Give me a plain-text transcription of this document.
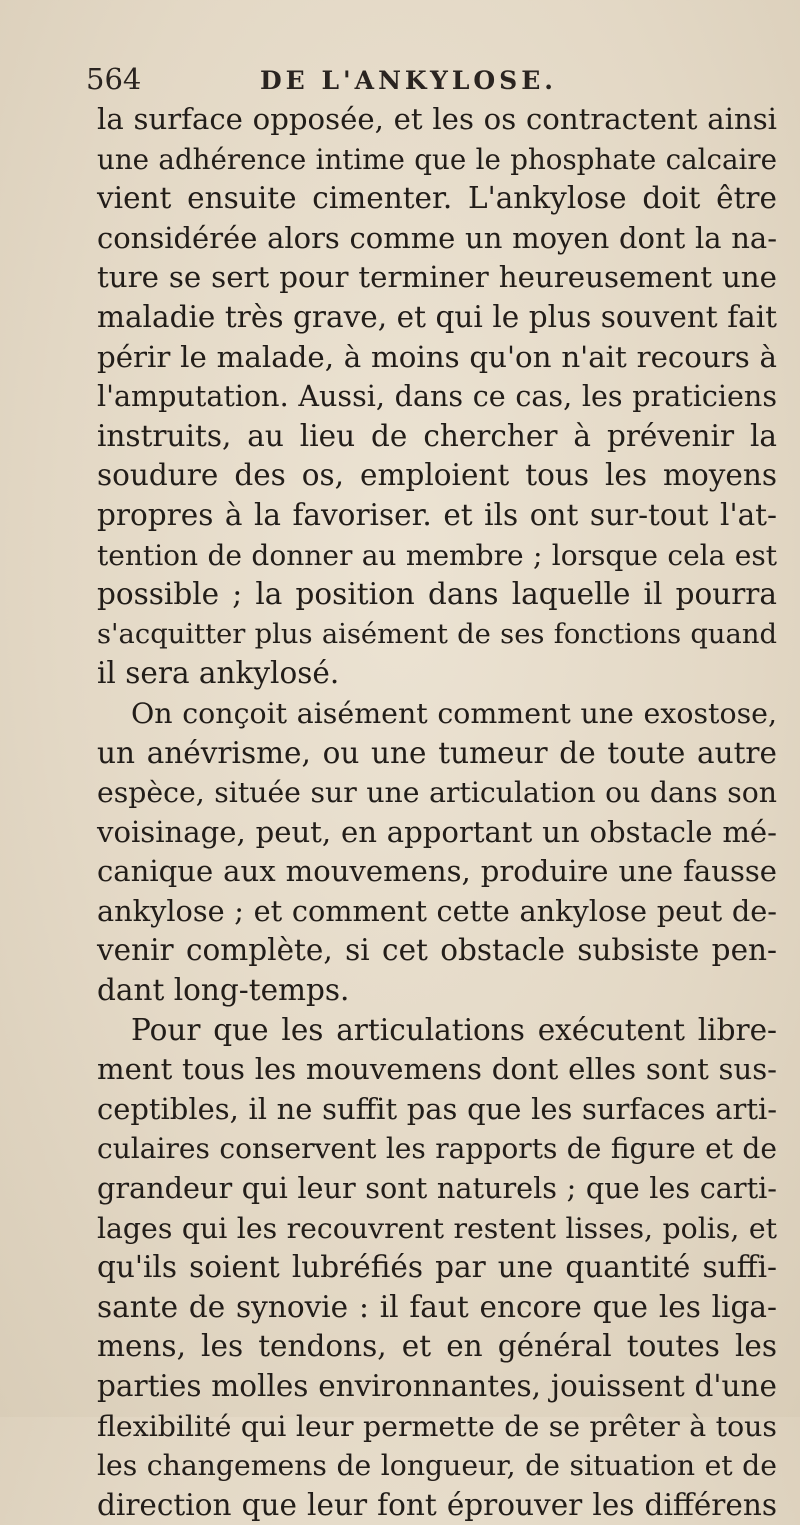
564	DE L'ANKYLOSE.
la surface opposée, et les os contractent ainsi
une adhérence intime que le phosphate calcaire
vient ensuite cimenter. L'ankylose doit être
considérée alors comme un moyen dont la na-
ture se sert pour terminer heureusement une
maladie très grave, et qui le plus souvent fait
périr le malade, à moins qu'on n'ait recours à
l'amputation. Aussi, dans ce cas, les praticiens
instruits, au lieu de chercher à prévenir la
soudure des os, emploient tous les moyens
propres à la favoriser. et ils ont sur-tout l'at-
tention de donner au membre ; lorsque cela est
possible ; la position dans laquelle il pourra
s'acquitter plus aisément de ses fonctions quand
il sera ankylosé.
On conçoit aisément comment une exostose,
un anévrisme, ou une tumeur de toute autre
espèce, située sur une articulation ou dans son
voisinage, peut, en apportant un obstacle mé-
canique aux mouvemens, produire une fausse
ankylose ; et comment cette ankylose peut de-
venir complète, si cet obstacle subsiste pen-
dant long-temps.
Pour que les articulations exécutent libre-
ment tous les mouvemens dont elles sont sus-
ceptibles, il ne suffit pas que les surfaces arti-
culaires conservent les rapports de figure et de
grandeur qui leur sont naturels ; que les carti-
lages qui les recouvrent restent lisses, polis, et
qu'ils soient lubréfiés par une quantité suffi-
sante de synovie : il faut encore que les liga-
mens, les tendons, et en général toutes les
parties molles environnantes, jouissent d'une
flexibilité qui leur permette de se prêter à tous
les changemens de longueur, de situation et de
direction que leur font éprouver les différens
